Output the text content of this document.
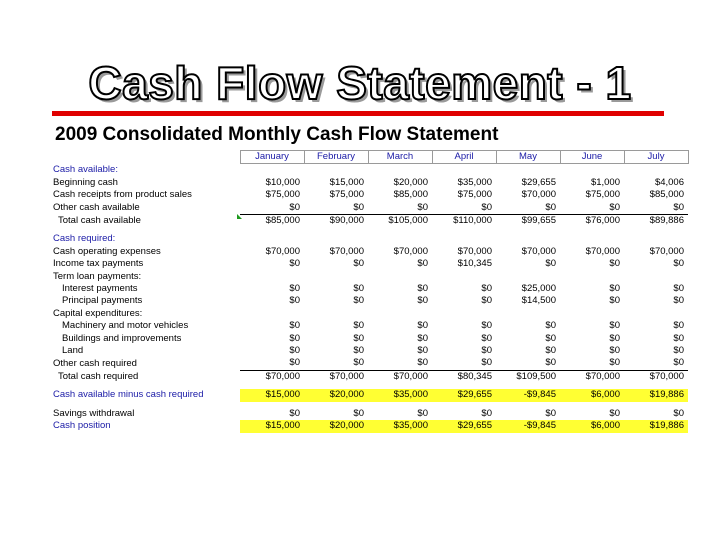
Cash Flow Statement - 1
2009 Consolidated Monthly Cash Flow Statement
	January	February	March	April	May	June	July
Cash available:							
Beginning cash	$10,000	$15,000	$20,000	$35,000	$29,655	$1,000	$4,006
Cash receipts from product sales	$75,000	$75,000	$85,000	$75,000	$70,000	$75,000	$85,000
Other cash available	$0	$0	$0	$0	$0	$0	$0
Total cash available	$85,000	$90,000	$105,000	$110,000	$99,655	$76,000	$89,886

Cash required:							
Cash operating expenses	$70,000	$70,000	$70,000	$70,000	$70,000	$70,000	$70,000
Income tax payments	$0	$0	$0	$10,345	$0	$0	$0
Term loan payments:							
Interest payments	$0	$0	$0	$0	$25,000	$0	$0
Principal payments	$0	$0	$0	$0	$14,500	$0	$0
Capital expenditures:							
Machinery and motor vehicles	$0	$0	$0	$0	$0	$0	$0
Buildings and improvements	$0	$0	$0	$0	$0	$0	$0
Land	$0	$0	$0	$0	$0	$0	$0
Other cash required	$0	$0	$0	$0	$0	$0	$0
Total cash required	$70,000	$70,000	$70,000	$80,345	$109,500	$70,000	$70,000

Cash available minus cash required	$15,000	$20,000	$35,000	$29,655	-$9,845	$6,000	$19,886

Savings withdrawal	$0	$0	$0	$0	$0	$0	$0
Cash position	$15,000	$20,000	$35,000	$29,655	-$9,845	$6,000	$19,886
